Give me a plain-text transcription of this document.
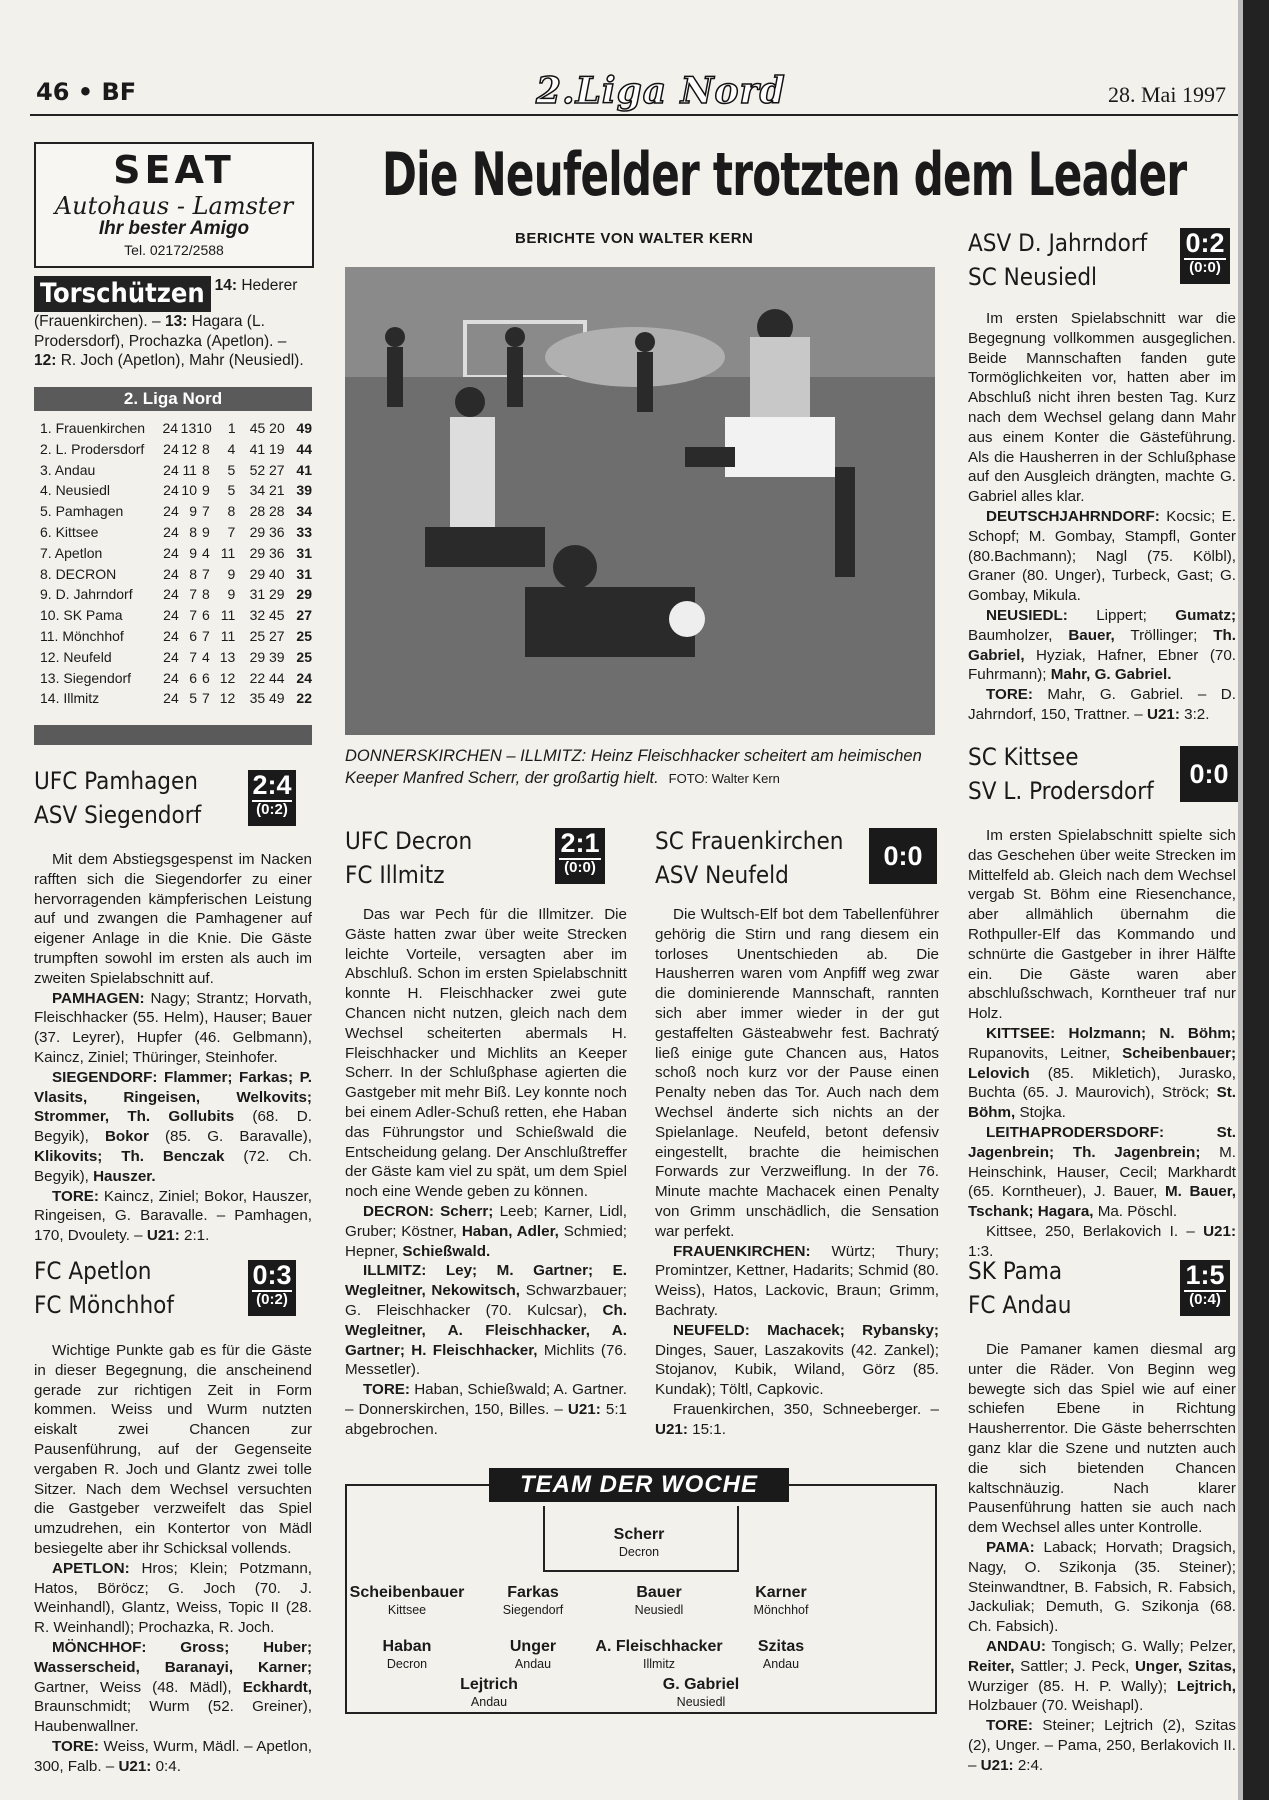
46 • BF	2.Liga Nord	28. Mai 1997
SEAT
Autohaus - Lamster
Ihr bester Amigo
Tel. 02172/2588
Torschützen 14: Hederer (Frauenkirchen). – 13: Hagara (L. Prodersdorf), Prochazka (Apetlon). – 12: R. Joch (Apetlon), Mahr (Neusiedl).
2. Liga Nord
1. Frauenkirchen	24 13 10	1	45 20 49
2. L. Prodersdorf	24 12 8	4	41 19 44
3. Andau	24 11 8	5	52 27 41
4. Neusiedl	24 10 9	5	34 21 39
5. Pamhagen	24 9 7	8	28 28 34
6. Kittsee	24 8 9	7	29 36 33
7. Apetlon	24 9 4 11	29 36 31
8. DECRON	24 8 7	9	29 40 31
9. D. Jahrndorf	24 7 8	9	31 29 29
10. SK Pama	24 7 6 11	32 45 27
11. Mönchhof	24 6 7 11	25 27 25
12. Neufeld	24 7 4 13	29 39 25
13. Siegendorf	24 6 6 12	22 44 24
14. Illmitz	24 5 7 12	35 49 22
Die Neufelder trotzten dem Leader
BERICHTE VON WALTER KERN
DONNERSKIRCHEN – ILLMITZ: Heinz Fleischhacker scheitert am heimischen Keeper Manfred Scherr, der großartig hielt. FOTO: Walter Kern
UFC Pamhagen
ASV Siegendorf
2:4
(0:2)

Mit dem Abstiegsgespenst im Nacken rafften sich die Siegendorfer zu einer hervorragenden kämpferischen Leistung auf und zwangen die Pamhagener auf eigener Anlage in die Knie. Die Gäste trumpften sowohl im ersten als auch im zweiten Spielabschnitt auf.

PAMHAGEN: Nagy; Strantz; Horvath, Fleischhacker (55. Helm), Hauser; Bauer (37. Leyrer), Hupfer (46. Gelbmann), Kaincz, Ziniel; Thüringer, Steinhofer.

SIEGENDORF: Flammer; Farkas; P. Vlasits, Ringeisen, Welkovits; Strommer, Th. Gollubits (68. D. Begyik), Bokor (85. G. Baravalle), Klikovits; Th. Benczak (72. Ch. Begyik), Hauszer.

TORE: Kaincz, Ziniel; Bokor, Hauszer, Ringeisen, G. Baravalle. – Pamhagen, 170, Dvoulety. – U21: 2:1.

FC Apetlon
FC Mönchhof
0:3
(0:2)

Wichtige Punkte gab es für die Gäste in dieser Begegnung, die anscheinend gerade zur richtigen Zeit in Form kommen. Weiss und Wurm nutzten eiskalt zwei Chancen zur Pausenführung, auf der Gegenseite vergaben R. Joch und Glantz zwei tolle Sitzer. Nach dem Wechsel versuchten die Gastgeber verzweifelt das Spiel umzudrehen, ein Kontertor von Mädl besiegelte aber ihr Schicksal vollends.

APETLON: Hros; Klein; Potzmann, Hatos, Böröcz; G. Joch (70. J. Weinhandl), Glantz, Weiss, Topic II (28. R. Weinhandl); Prochazka, R. Joch.

MÖNCHHOF: Gross; Huber; Wasserscheid, Baranayi, Karner; Gartner, Weiss (48. Mädl), Eckhardt, Braunschmidt; Wurm (52. Greiner), Haubenwallner.

TORE: Weiss, Wurm, Mädl. – Apetlon, 300, Falb. – U21: 0:4.

UFC Decron
FC Illmitz
2:1
(0:0)

Das war Pech für die Illmitzer. Die Gäste hatten zwar über weite Strecken leichte Vorteile, versagten aber im Abschluß. Schon im ersten Spielabschnitt konnte H. Fleischhacker zwei gute Chancen nicht nutzen, gleich nach dem Wechsel scheiterten abermals H. Fleischhacker und Michlits an Keeper Scherr. In der Schlußphase agierten die Gastgeber mit mehr Biß. Ley konnte noch bei einem Adler-Schuß retten, ehe Haban das Führungstor und Schießwald die Entscheidung gelang. Der Anschlußtreffer der Gäste kam viel zu spät, um dem Spiel noch eine Wende geben zu können.

DECRON: Scherr; Leeb; Karner, Lidl, Gruber; Köstner, Haban, Adler, Schmied; Hepner, Schießwald.

ILLMITZ: Ley; M. Gartner; E. Wegleitner, Nekowitsch, Schwarzbauer; G. Fleischhacker (70. Kulcsar), Ch. Wegleitner, A. Fleischhacker, A. Gartner; H. Fleischhacker, Michlits (76. Messetler).

TORE: Haban, Schießwald; A. Gartner. – Donnerskirchen, 150, Billes. – U21: 5:1 abgebrochen.

SC Frauenkirchen
ASV Neufeld
0:0

Die Wultsch-Elf bot dem Tabellenführer gehörig die Stirn und rang diesem ein torloses Unentschieden ab. Die Hausherren waren vom Anpfiff weg zwar die dominierende Mannschaft, rannten sich aber immer wieder in der gut gestaffelten Gästeabwehr fest. Bachratý ließ einige gute Chancen aus, Hatos schoß noch kurz vor der Pause einen Penalty neben das Tor. Auch nach dem Wechsel änderte sich nichts an der Spielanlage. Neufeld, betont defensiv eingestellt, brachte die heimischen Forwards zur Verzweiflung. In der 76. Minute machte Machacek einen Penalty von Grimm unschädlich, die Sensation war perfekt.

FRAUENKIRCHEN: Würtz; Thury; Promintzer, Kettner, Hadarits; Schmid (80. Weiss), Hatos, Lackovic, Braun; Grimm, Bachraty.

NEUFELD: Machacek; Rybansky; Dinges, Sauer, Laszakovits (42. Zankel); Stojanov, Kubik, Wiland, Görz (85. Kundak); Töltl, Capkovic.

Frauenkirchen, 350, Schneeberger. – U21: 15:1.

ASV D. Jahrndorf
SC Neusiedl
0:2
(0:0)

Im ersten Spielabschnitt war die Begegnung vollkommen ausgeglichen. Beide Mannschaften fanden gute Tormöglichkeiten vor, hatten aber im Abschluß nicht ihren besten Tag. Kurz nach dem Wechsel gelang dann Mahr aus einem Konter die Gästeführung. Als die Hausherren in der Schlußphase auf den Ausgleich drängten, machte G. Gabriel alles klar.

DEUTSCHJAHRNDORF: Kocsic; E. Schopf; M. Gombay, Stampfl, Gonter (80.Bachmann); Nagl (75. Kölbl), Graner (80. Unger), Turbeck, Gast; G. Gombay, Mikula.

NEUSIEDL: Lippert; Gumatz; Baumholzer, Bauer, Tröllinger; Th. Gabriel, Hyziak, Hafner, Ebner (70. Fuhrmann); Mahr, G. Gabriel.

TORE: Mahr, G. Gabriel. – D. Jahrndorf, 150, Trattner. – U21: 3:2.

SC Kittsee
SV L. Prodersdorf
0:0

Im ersten Spielabschnitt spielte sich das Geschehen über weite Strecken im Mittelfeld ab. Gleich nach dem Wechsel vergab St. Böhm eine Riesenchance, aber allmählich übernahm die Rothpuller-Elf das Kommando und schnürte die Gastgeber in ihrer Hälfte ein. Die Gäste waren aber abschlußschwach, Korntheuer traf nur Holz.

KITTSEE: Holzmann; N. Böhm; Rupanovits, Leitner, Scheibenbauer; Lelovich (85. Mikletich), Jurasko, Buchta (65. J. Maurovich), Ströck; St. Böhm, Stojka.

LEITHAPRODERSDORF: St. Jagenbrein; Th. Jagenbrein; M. Heinschink, Hauser, Cecil; Markhardt (65. Korntheuer), J. Bauer, M. Bauer, Tschank; Hagara, Ma. Pöschl.

Kittsee, 250, Berlakovich I. – U21: 1:3.

SK Pama
FC Andau
1:5
(0:4)

Die Pamaner kamen diesmal arg unter die Räder. Von Beginn weg bewegte sich das Spiel wie auf einer schiefen Ebene in Richtung Hausherrentor. Die Gäste beherrschten ganz klar die Szene und nutzten auch die sich bietenden Chancen kaltschnäuzig. Nach klarer Pausenführung hatten sie auch nach dem Wechsel alles unter Kontrolle.

PAMA: Laback; Horvath; Dragsich, Nagy, O. Szikonja (35. Steiner); Steinwandtner, B. Fabsich, R. Fabsich, Jackuliak; Demuth, G. Szikonja (68. Ch. Fabsich).

ANDAU: Tongisch; G. Wally; Pelzer, Reiter, Sattler; J. Peck, Unger, Szitas, Wurziger (85. H. P. Wally); Lejtrich, Holzbauer (70. Weishapl).

TORE: Steiner; Lejtrich (2), Szitas (2), Unger. – Pama, 250, Berlakovich II. – U21: 2:4.

TEAM DER WOCHE
Scherr
Decron
Scheibenbauer
Kittsee
Farkas
Siegendorf
Bauer
Neusiedl
Karner
Mönchhof
Haban
Decron
Unger
Andau
A. Fleischhacker
Illmitz
Szitas
Andau
Lejtrich
Andau
G. Gabriel
Neusiedl
